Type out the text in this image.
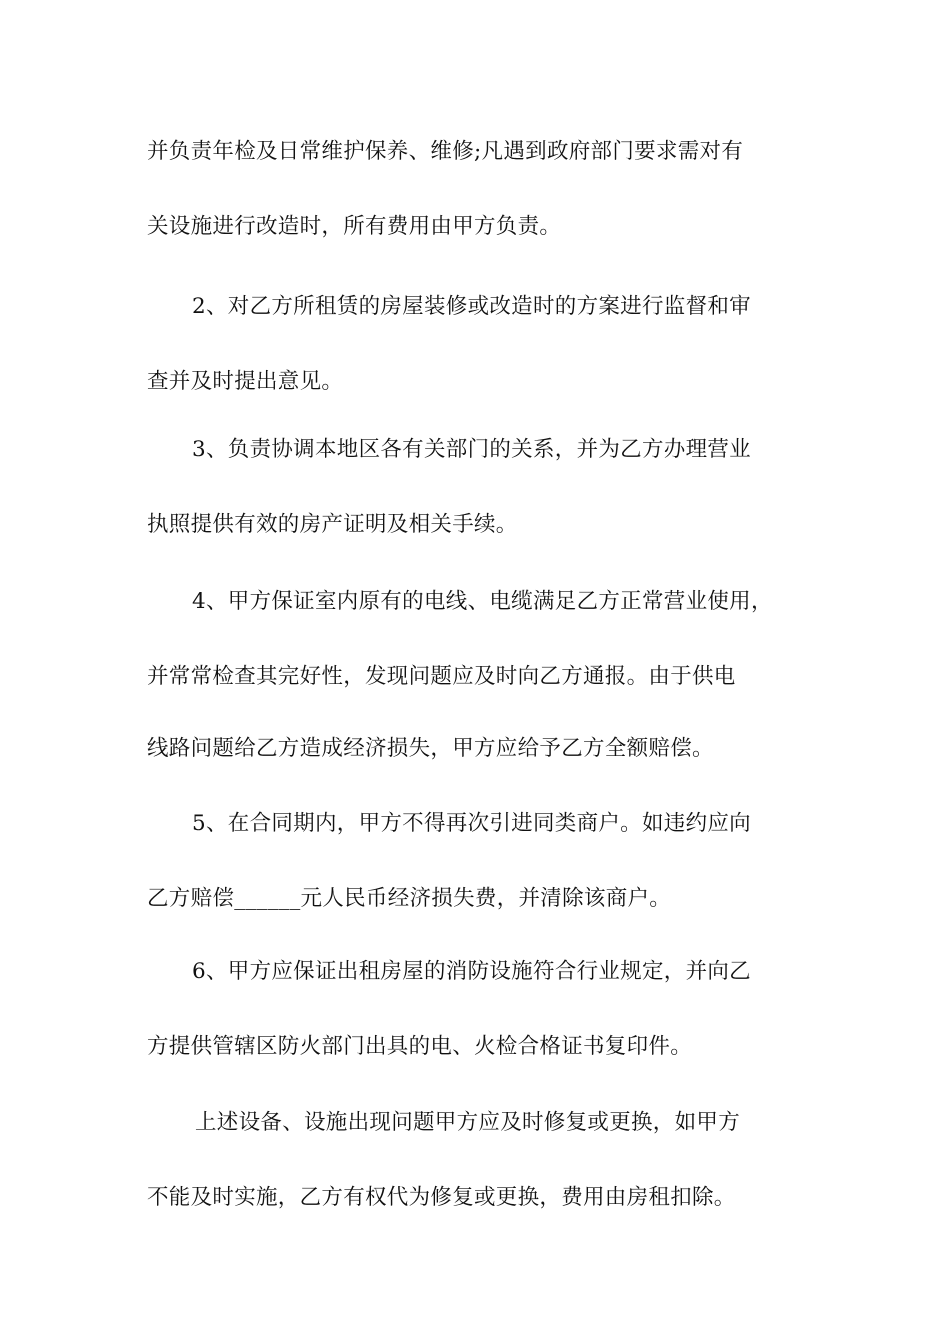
并负责年检及日常维护保养、维修;凡遇到政府部门要求需对有
关设施进行改造时，所有费用由甲方负责。
2、对乙方所租赁的房屋装修或改造时的方案进行监督和审
查并及时提出意见。
3、负责协调本地区各有关部门的关系，并为乙方办理营业
执照提供有效的房产证明及相关手续。
4、甲方保证室内原有的电线、电缆满足乙方正常营业使用，
并常常检查其完好性，发现问题应及时向乙方通报。由于供电
线路问题给乙方造成经济损失，甲方应给予乙方全额赔偿。
5、在合同期内，甲方不得再次引进同类商户。如违约应向
乙方赔偿______元人民币经济损失费，并清除该商户。
6、甲方应保证出租房屋的消防设施符合行业规定，并向乙
方提供管辖区防火部门出具的电、火检合格证书复印件。
上述设备、设施出现问题甲方应及时修复或更换，如甲方
不能及时实施，乙方有权代为修复或更换，费用由房租扣除。
